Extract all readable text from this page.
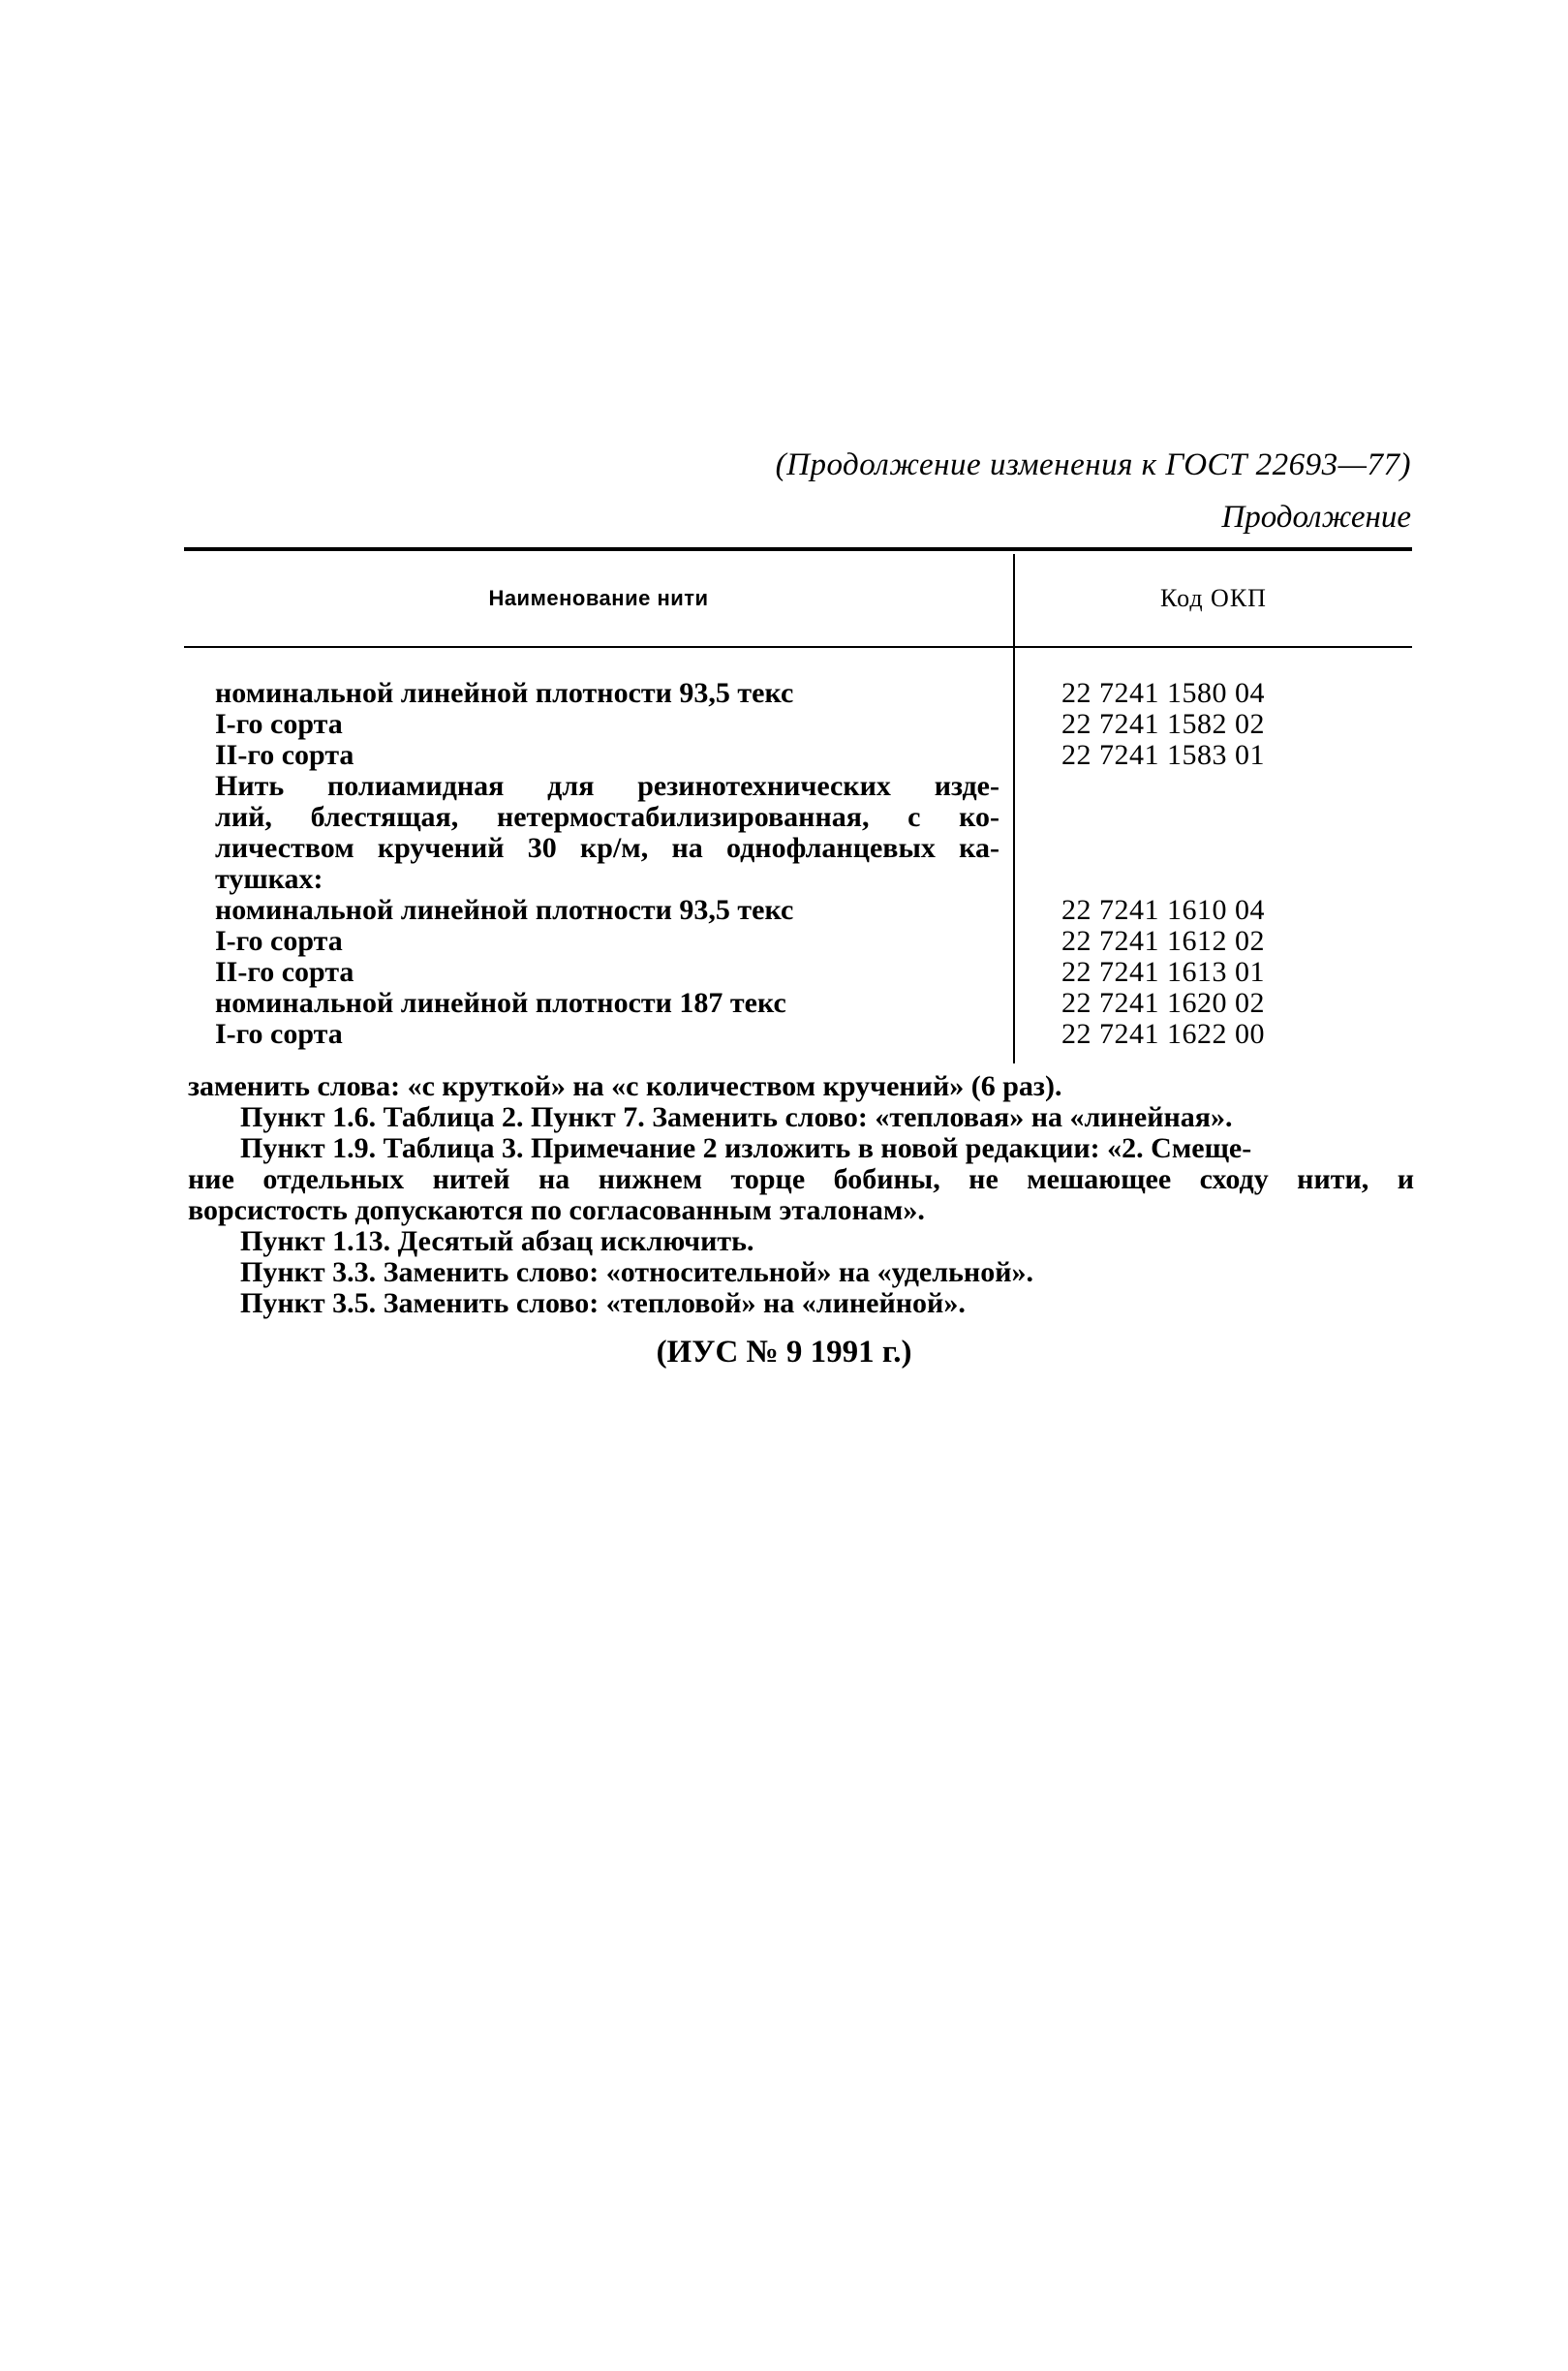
(Продолжение изменения к ГОСТ 22693—77)
Продолжение
Наименование нити	Код ОКП
номинальной линейной плотности 93,5 текс	22 7241 1580 04
I-го сорта	22 7241 1582 02
II-го сорта	22 7241 1583 01
Нить полиамидная для резинотехнических изде-
лий, блестящая, нетермостабилизированная, с ко-
личеством кручений 30 кр/м, на однофланцевых ка-
тушках:
номинальной линейной плотности 93,5 текс	22 7241 1610 04
I-го сорта	22 7241 1612 02
II-го сорта	22 7241 1613 01
номинальной линейной плотности 187 текс	22 7241 1620 02
I-го сорта	22 7241 1622 00
заменить слова: «с круткой» на «с количеством кручений» (6 раз).
Пункт 1.6. Таблица 2. Пункт 7. Заменить слово: «тепловая» на «линейная».
Пункт 1.9. Таблица 3. Примечание 2 изложить в новой редакции: «2. Смеще-
ние отдельных нитей на нижнем торце бобины, не мешающее сходу нити, и
ворсистость допускаются по согласованным эталонам».
Пункт 1.13. Десятый абзац исключить.
Пункт 3.3. Заменить слово: «относительной» на «удельной».
Пункт 3.5. Заменить слово: «тепловой» на «линейной».
(ИУС № 9 1991 г.)
